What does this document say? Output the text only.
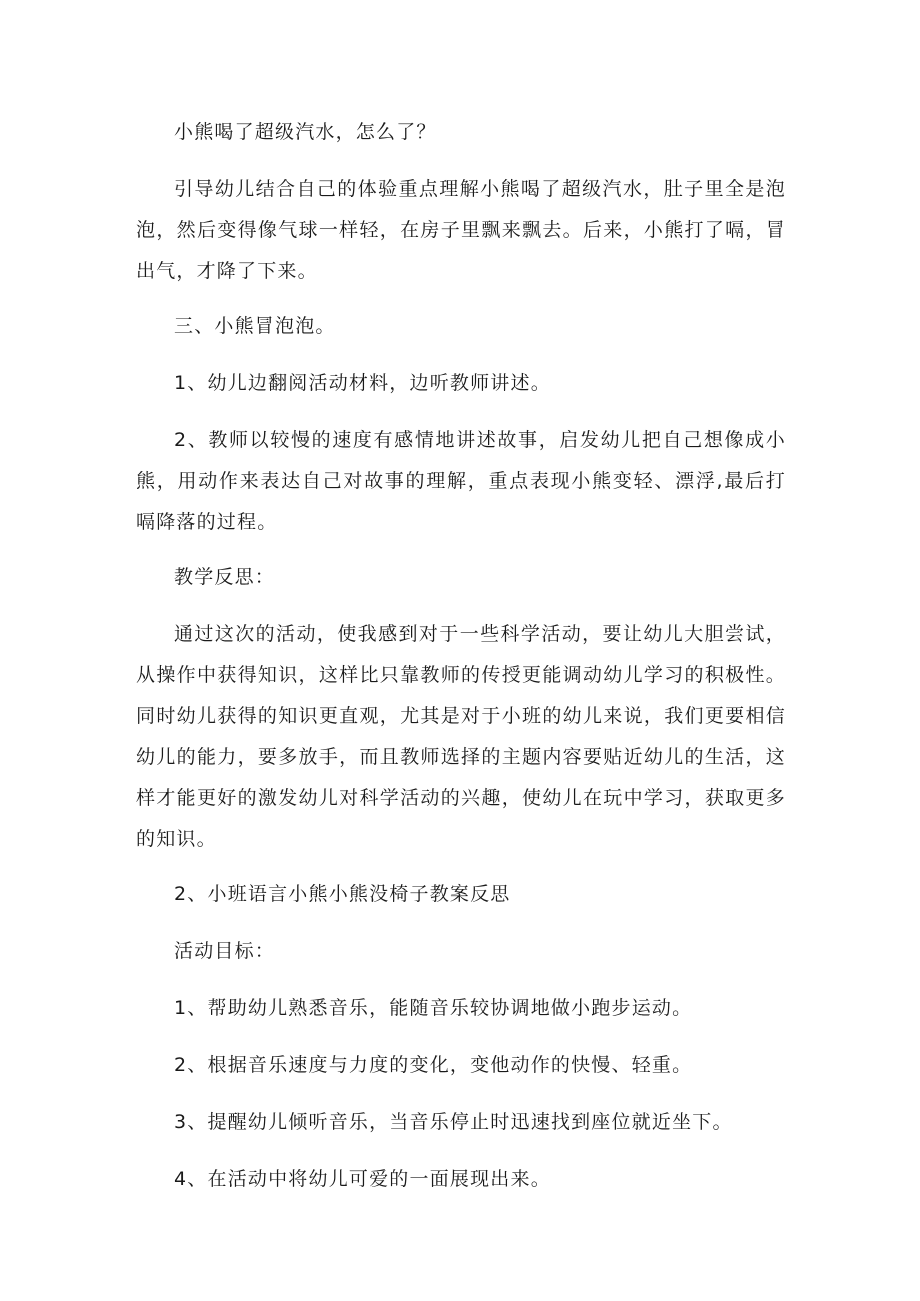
小熊喝了超级汽水，怎么了？

引导幼儿结合自己的体验重点理解小熊喝了超级汽水，肚子里全是泡泡，然后变得像气球一样轻，在房子里飘来飘去。后来，小熊打了嗝，冒出气，才降了下来。

三、小熊冒泡泡。

1、幼儿边翻阅活动材料，边听教师讲述。

2、教师以较慢的速度有感情地讲述故事，启发幼儿把自己想像成小熊，用动作来表达自己对故事的理解，重点表现小熊变轻、漂浮,最后打嗝降落的过程。

教学反思：

通过这次的活动，使我感到对于一些科学活动，要让幼儿大胆尝试，从操作中获得知识，这样比只靠教师的传授更能调动幼儿学习的积极性。同时幼儿获得的知识更直观，尤其是对于小班的幼儿来说，我们更要相信幼儿的能力，要多放手，而且教师选择的主题内容要贴近幼儿的生活，这样才能更好的激发幼儿对科学活动的兴趣，使幼儿在玩中学习，获取更多的知识。

2、小班语言小熊小熊没椅子教案反思

活动目标：

1、帮助幼儿熟悉音乐，能随音乐较协调地做小跑步运动。

2、根据音乐速度与力度的变化，变他动作的快慢、轻重。

3、提醒幼儿倾听音乐，当音乐停止时迅速找到座位就近坐下。

4、在活动中将幼儿可爱的一面展现出来。
